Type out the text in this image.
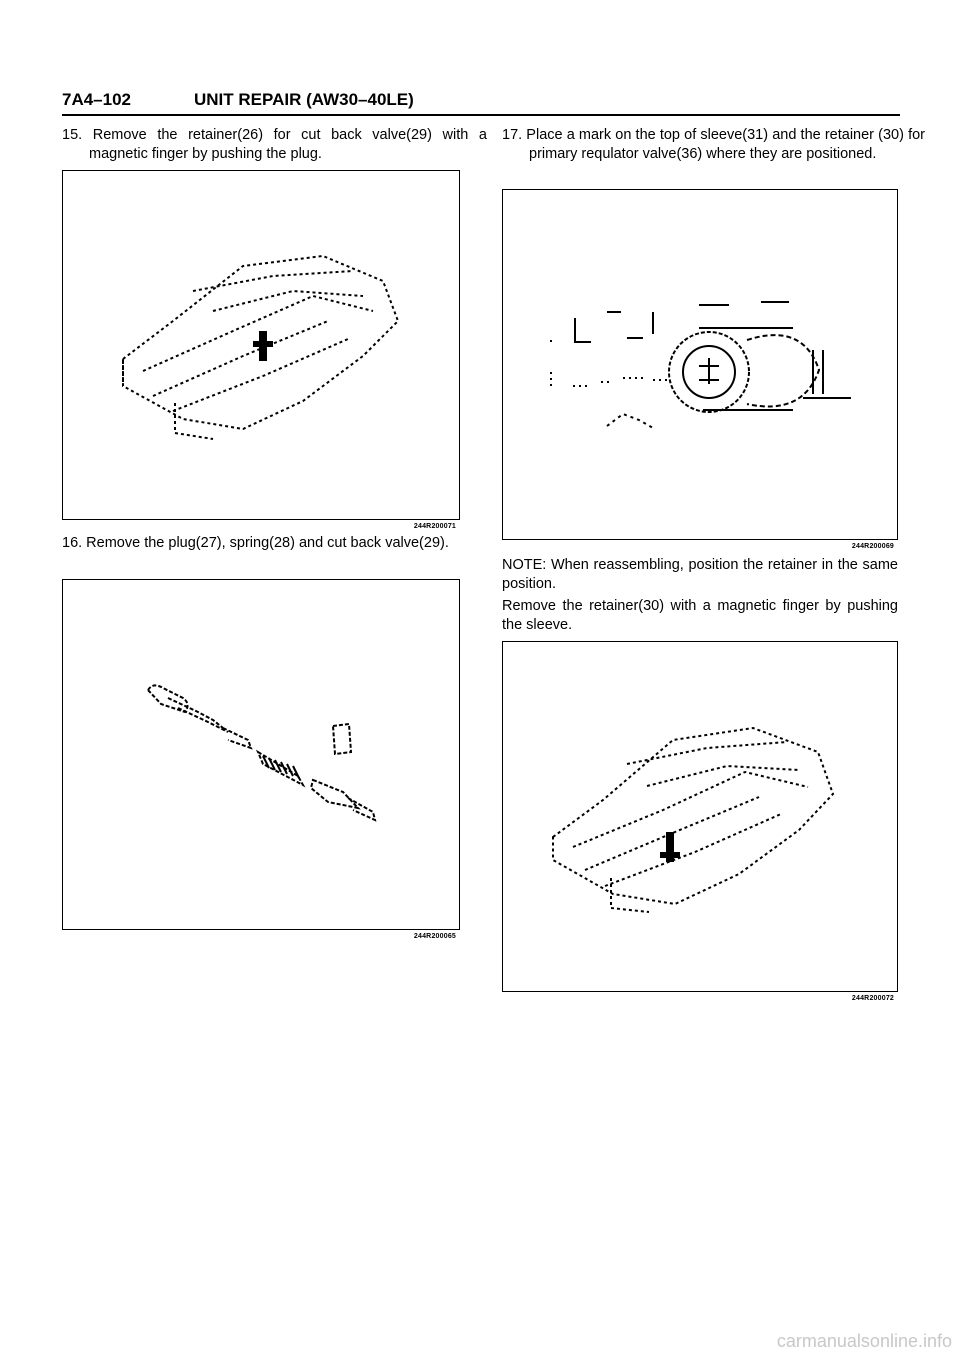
7A4–102	UNIT REPAIR (AW30–40LE)
15. Remove the retainer(26) for cut back valve(29) with a magnetic finger by pushing the plug.
244R200071
16. Remove the plug(27), spring(28) and cut back valve(29).
244R200065
17. Place a mark on the top of sleeve(31) and the retainer (30) for primary requlator valve(36) where they are positioned.
244R200069
NOTE: When reassembling, position the retainer in the same position.
Remove the retainer(30) with a magnetic finger by pushing the sleeve.
244R200072
carmanualsonline.info
